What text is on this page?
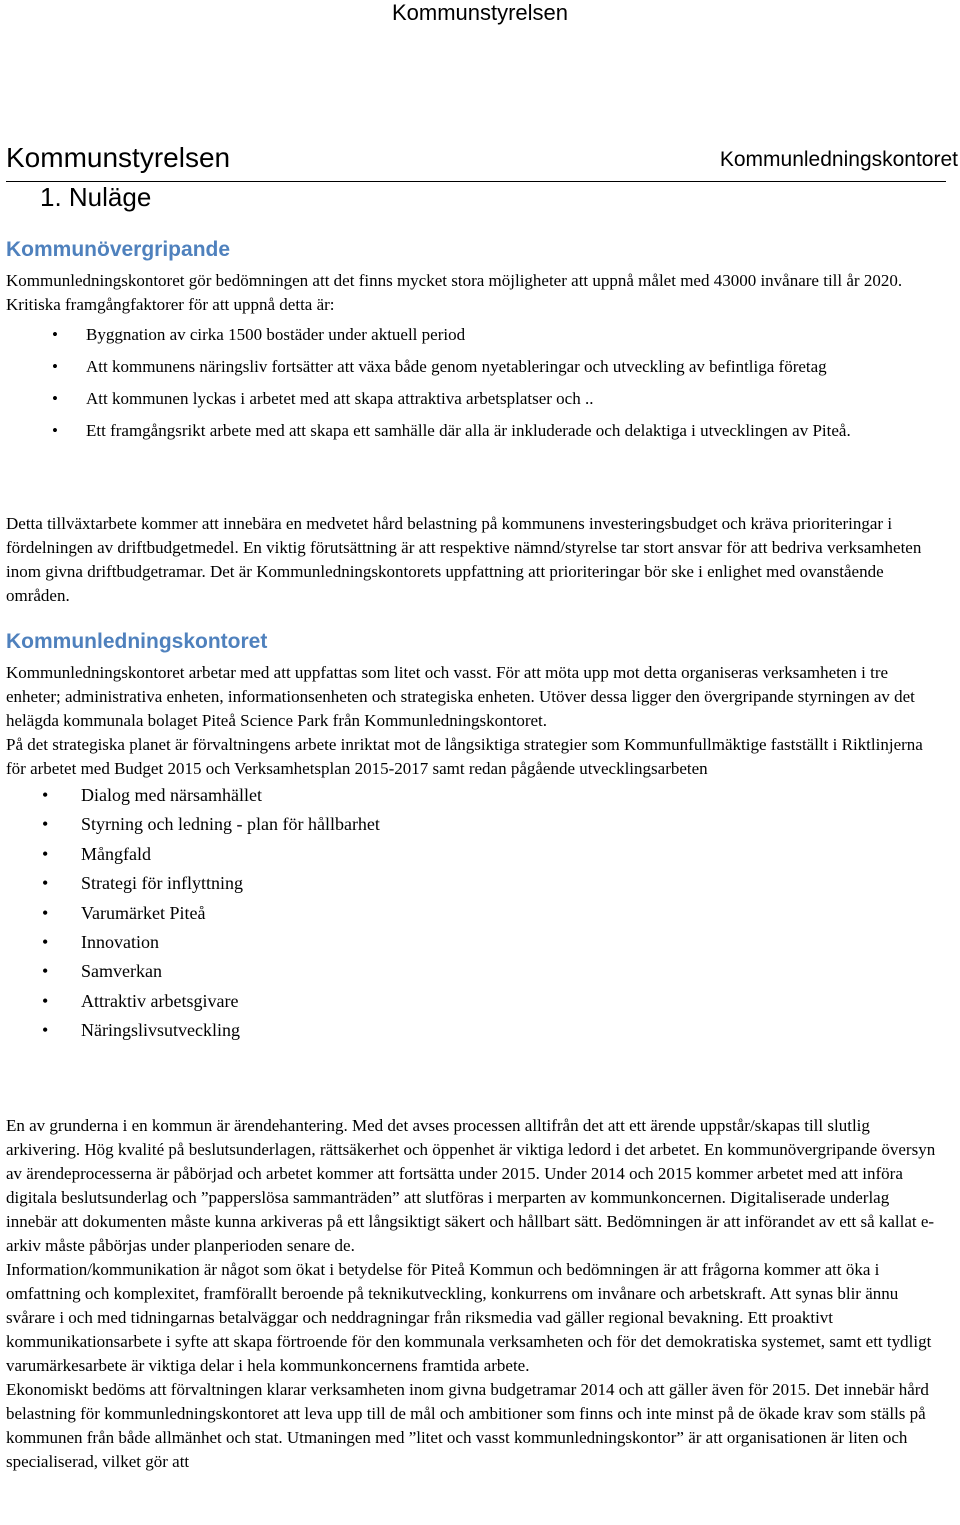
Kommunstyrelsen
Kommunstyrelsen	Kommunledningskontoret
1. Nuläge
Kommunövergripande

Kommunledningskontoret gör bedömningen att det finns mycket stora möjligheter att uppnå målet med 43000 invånare till år 2020. Kritiska framgångfaktorer för att uppnå detta är:

• Byggnation av cirka 1500 bostäder under aktuell period
• Att kommunens näringsliv fortsätter att växa både genom nyetableringar och utveckling av befintliga företag
• Att kommunen lyckas i arbetet med att skapa attraktiva arbetsplatser och ..
• Ett framgångsrikt arbete med att skapa ett samhälle där alla är inkluderade och delaktiga i utvecklingen av Piteå.

Detta tillväxtarbete kommer att innebära en medvetet hård belastning på kommunens investeringsbudget och kräva prioriteringar i fördelningen av driftbudgetmedel. En viktig förutsättning är att respektive nämnd/styrelse tar stort ansvar för att bedriva verksamheten inom givna driftbudgetramar. Det är Kommunledningskontorets uppfattning att prioriteringar bör ske i enlighet med ovanstående områden.

Kommunledningskontoret

Kommunledningskontoret arbetar med att uppfattas som litet och vasst. För att möta upp mot detta organiseras verksamheten i tre enheter; administrativa enheten, informationsenheten och strategiska enheten. Utöver dessa ligger den övergripande styrningen av det helägda kommunala bolaget Piteå Science Park från Kommunledningskontoret.

På det strategiska planet är förvaltningens arbete inriktat mot de långsiktiga strategier som Kommunfullmäktige fastställt i Riktlinjerna för arbetet med Budget 2015 och Verksamhetsplan 2015-2017 samt redan pågående utvecklingsarbeten

• Dialog med närsamhället
• Styrning och ledning - plan för hållbarhet
• Mångfald
• Strategi för inflyttning
• Varumärket Piteå
• Innovation
• Samverkan
• Attraktiv arbetsgivare
• Näringslivsutveckling

En av grunderna i en kommun är ärendehantering. Med det avses processen alltifrån det att ett ärende uppstår/skapas till slutlig arkivering. Hög kvalité på beslutsunderlagen, rättsäkerhet och öppenhet är viktiga ledord i det arbetet. En kommunövergripande översyn av ärendeprocesserna är påbörjad och arbetet kommer att fortsätta under 2015. Under 2014 och 2015 kommer arbetet med att införa digitala beslutsunderlag och ”papperslösa sammanträden” att slutföras i merparten av kommunkoncernen. Digitaliserade underlag innebär att dokumenten måste kunna arkiveras på ett långsiktigt säkert och hållbart sätt. Bedömningen är att införandet av ett så kallat e-arkiv måste påbörjas under planperioden senare de.

Information/kommunikation är något som ökat i betydelse för Piteå Kommun och bedömningen är att frågorna kommer att öka i omfattning och komplexitet, framförallt beroende på teknikutveckling, konkurrens om invånare och arbetskraft. Att synas blir ännu svårare i och med tidningarnas betalväggar och neddragningar från riksmedia vad gäller regional bevakning. Ett proaktivt kommunikationsarbete i syfte att skapa förtroende för den kommunala verksamheten och för det demokratiska systemet, samt ett tydligt varumärkesarbete är viktiga delar i hela kommunkoncernens framtida arbete.

Ekonomiskt bedöms att förvaltningen klarar verksamheten inom givna budgetramar 2014 och att gäller även för 2015. Det innebär hård belastning för kommunledningskontoret att leva upp till de mål och ambitioner som finns och inte minst på de ökade krav som ställs på kommunen från både allmänhet och stat. Utmaningen med ”litet och vasst kommunledningskontor” är att organisationen är liten och specialiserad, vilket gör att
